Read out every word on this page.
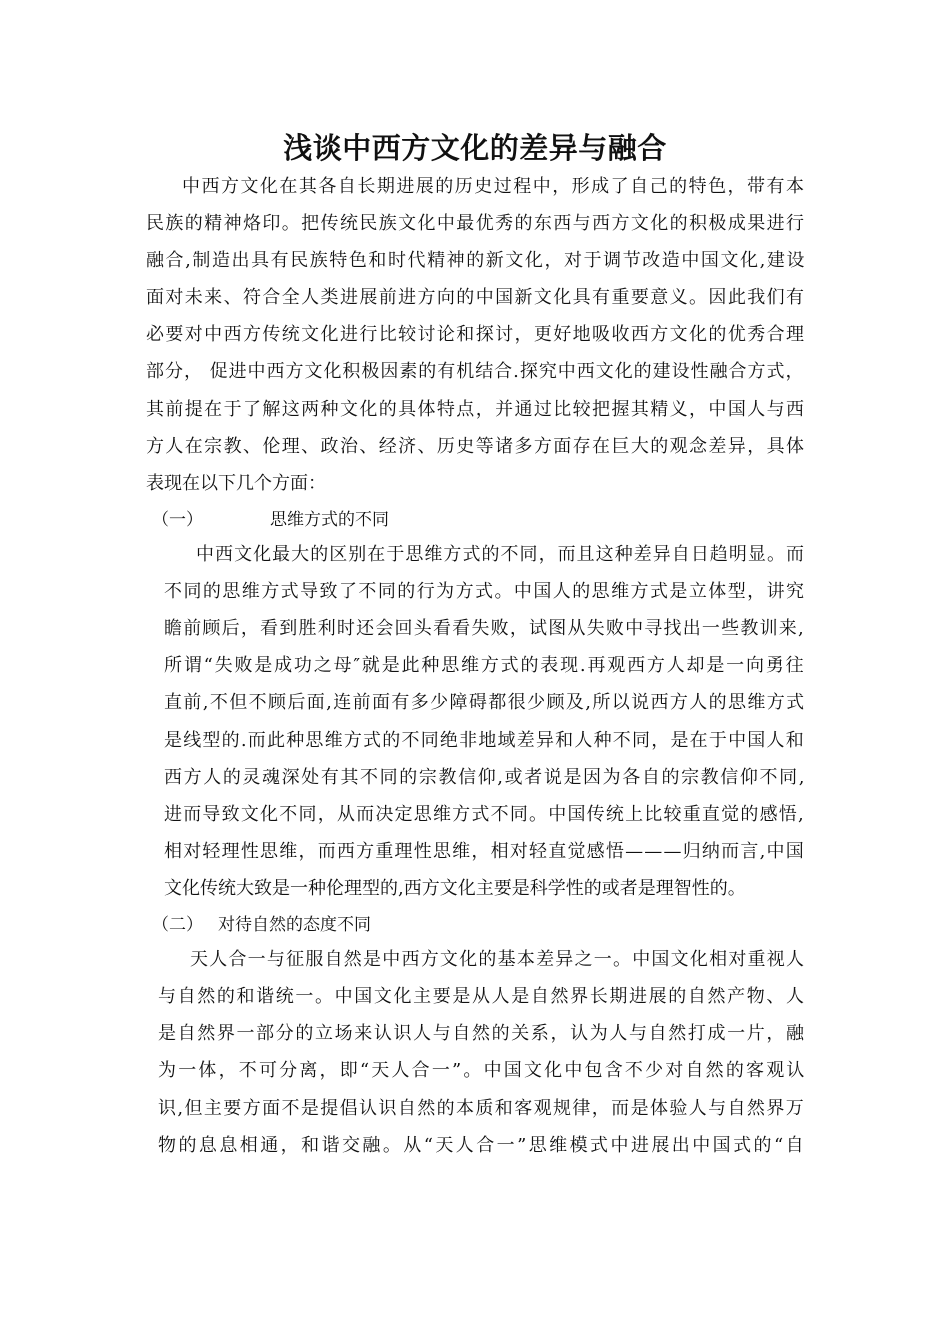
浅谈中西方文化的差异与融合
中西方文化在其各自长期进展的历史过程中，形成了自己的特色，带有本
民族的精神烙印。把传统民族文化中最优秀的东西与西方文化的积极成果进行
融合,制造出具有民族特色和时代精神的新文化，对于调节改造中国文化,建设
面对未来、符合全人类进展前进方向的中国新文化具有重要意义。因此我们有
必要对中西方传统文化进行比较讨论和探讨，更好地吸收西方文化的优秀合理
部分， 促进中西方文化积极因素的有机结合.探究中西文化的建设性融合方式，
其前提在于了解这两种文化的具体特点，并通过比较把握其精义，中国人与西
方人在宗教、伦理、政治、经济、历史等诸多方面存在巨大的观念差异，具体
表现在以下几个方面：
（一）	思维方式的不同
中西文化最大的区别在于思维方式的不同，而且这种差异自日趋明显。而
不同的思维方式导致了不同的行为方式。中国人的思维方式是立体型，讲究
瞻前顾后，看到胜利时还会回头看看失败，试图从失败中寻找出一些教训来,
所谓“失败是成功之母″就是此种思维方式的表现.再观西方人却是一向勇往
直前,不但不顾后面,连前面有多少障碍都很少顾及,所以说西方人的思维方式
是线型的.而此种思维方式的不同绝非地域差异和人种不同，是在于中国人和
西方人的灵魂深处有其不同的宗教信仰,或者说是因为各自的宗教信仰不同,
进而导致文化不同，从而决定思维方式不同。中国传统上比较重直觉的感悟,
相对轻理性思维，而西方重理性思维，相对轻直觉感悟———归纳而言,中国
文化传统大致是一种伦理型的,西方文化主要是科学性的或者是理智性的。
（二） 对待自然的态度不同
天人合一与征服自然是中西方文化的基本差异之一。中国文化相对重视人
与自然的和谐统一。中国文化主要是从人是自然界长期进展的自然产物、人
是自然界一部分的立场来认识人与自然的关系，认为人与自然打成一片，融
为一体，不可分离，即“天人合一”。中国文化中包含不少对自然的客观认
识,但主要方面不是提倡认识自然的本质和客观规律，而是体验人与自然界万
物的息息相通，和谐交融。从“天人合一”思维模式中进展出中国式的“自
